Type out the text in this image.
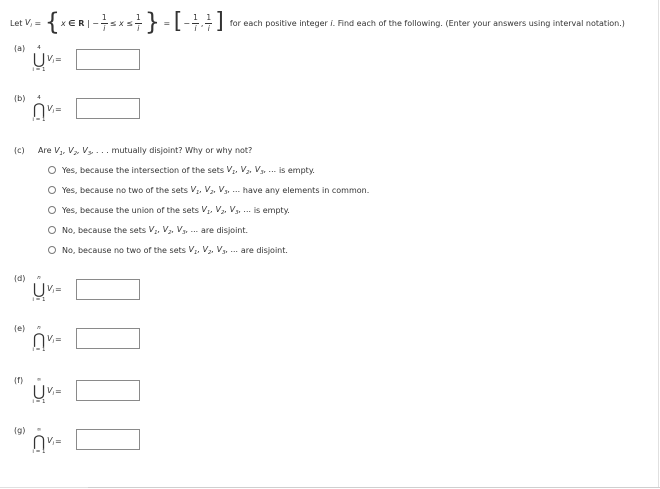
Let
$V_i$
=
{ x
∈ R
|
− $\frac{1}{i}$ ≤
x
≤ $\frac{1}{i}$ }
=
[ − $\frac{1}{i}$ , $\frac{1}{i}$ ]
for each positive integer
i . Find each of the following. (Enter your answers using interval notation.)
(a) 4
⋃
i = 1
$V_i$ =
(b) 4
⋂
i = 1
$V_i$ =
(c) Are $V_1$, $V_2$, $V_3$, . . . mutually disjoint? Why or why not?
Yes, because the intersection of the sets
$V_1$, $V_2$, $V_3$, ...
is empty.
Yes, because no two of the sets
$V_1$, $V_2$, $V_3$, ...
have any elements in common.
Yes, because the union of the sets
$V_1$, $V_2$, $V_3$, ...
is empty.
No, because the sets
$V_1$, $V_2$, $V_3$, ...
are disjoint.
No, because no two of the sets
$V_1$, $V_2$, $V_3$, ...
are disjoint.
(d) n
⋃
i = 1
$V_i$ =
(e) n
⋂
i = 1
$V_i$ =
(f) ∞
⋃
i = 1
$V_i$ =
(g) ∞
⋂
i = 1
$V_i$ =
